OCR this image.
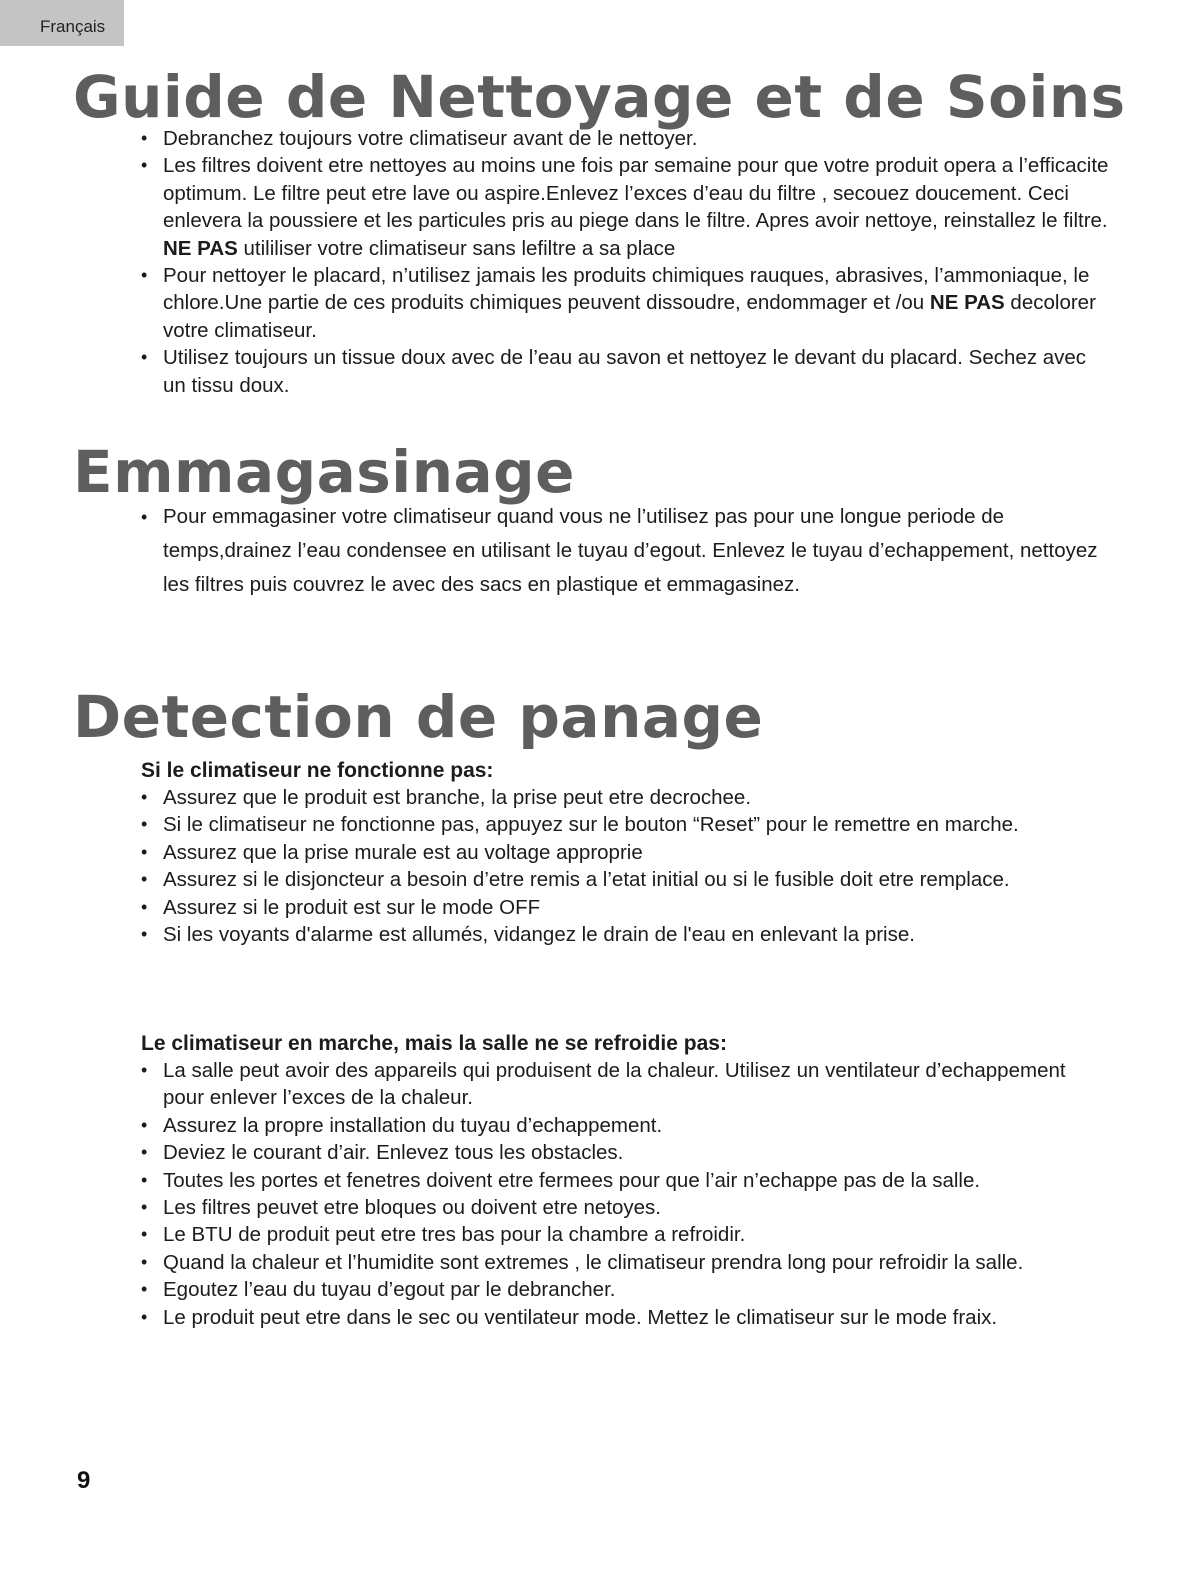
Français
Guide de Nettoyage et de Soins
• Debranchez toujours votre climatiseur avant de le nettoyer.
• Les filtres doivent etre nettoyes au moins une fois par semaine pour que votre produit opera a l’efficacite optimum. Le filtre peut etre lave ou aspire.Enlevez l’exces d’eau du filtre , secouez doucement. Ceci enlevera la poussiere et les particules pris au piege dans le filtre. Apres avoir nettoye, reinstallez le filtre. NE PAS utililiser votre climatiseur sans lefiltre a sa place
• Pour nettoyer le placard, n’utilisez jamais les produits chimiques rauques, abrasives, l’ammoniaque, le chlore.Une partie de ces produits chimiques peuvent dissoudre, endommager et /ou NE PAS decolorer votre climatiseur.
• Utilisez toujours un tissue doux avec de l’eau au savon et nettoyez le devant du placard. Sechez avec un tissu doux.
Emmagasinage
• Pour emmagasiner votre climatiseur quand vous ne l’utilisez pas pour une longue periode de temps,drainez l’eau condensee en utilisant le tuyau d’egout. Enlevez le tuyau d’echappement, nettoyez les filtres puis couvrez le avec des sacs en plastique et emmagasinez.
Detection de panage

Si le climatiseur ne fonctionne pas:

• Assurez que le produit est branche, la prise peut etre decrochee.
• Si le climatiseur ne fonctionne pas, appuyez sur le bouton “Reset” pour le remettre en marche.
• Assurez que la prise murale est au voltage approprie
• Assurez si le disjoncteur a besoin d’etre remis a l’etat initial ou si le fusible doit etre remplace.
• Assurez si le produit est sur le mode OFF
• Si les voyants d'alarme est allumés, vidangez le drain de l'eau en enlevant la prise.

Le climatiseur en marche, mais la salle ne se refroidie pas:

• La salle peut avoir des appareils qui produisent de la chaleur. Utilisez un ventilateur d’echappement pour enlever l’exces de la chaleur.
• Assurez la propre installation du tuyau d’echappement.
• Deviez le courant d’air. Enlevez tous les obstacles.
• Toutes les portes et fenetres doivent etre fermees pour que l’air n’echappe pas de la salle.
• Les filtres peuvet etre bloques ou doivent etre netoyes.
• Le BTU de produit peut etre tres bas pour la chambre a refroidir.
• Quand la chaleur et l’humidite sont extremes , le climatiseur prendra long pour refroidir la salle.
• Egoutez l’eau du tuyau d’egout par le debrancher.
• Le produit peut etre dans le sec ou ventilateur mode. Mettez le climatiseur sur le mode fraix.
9
